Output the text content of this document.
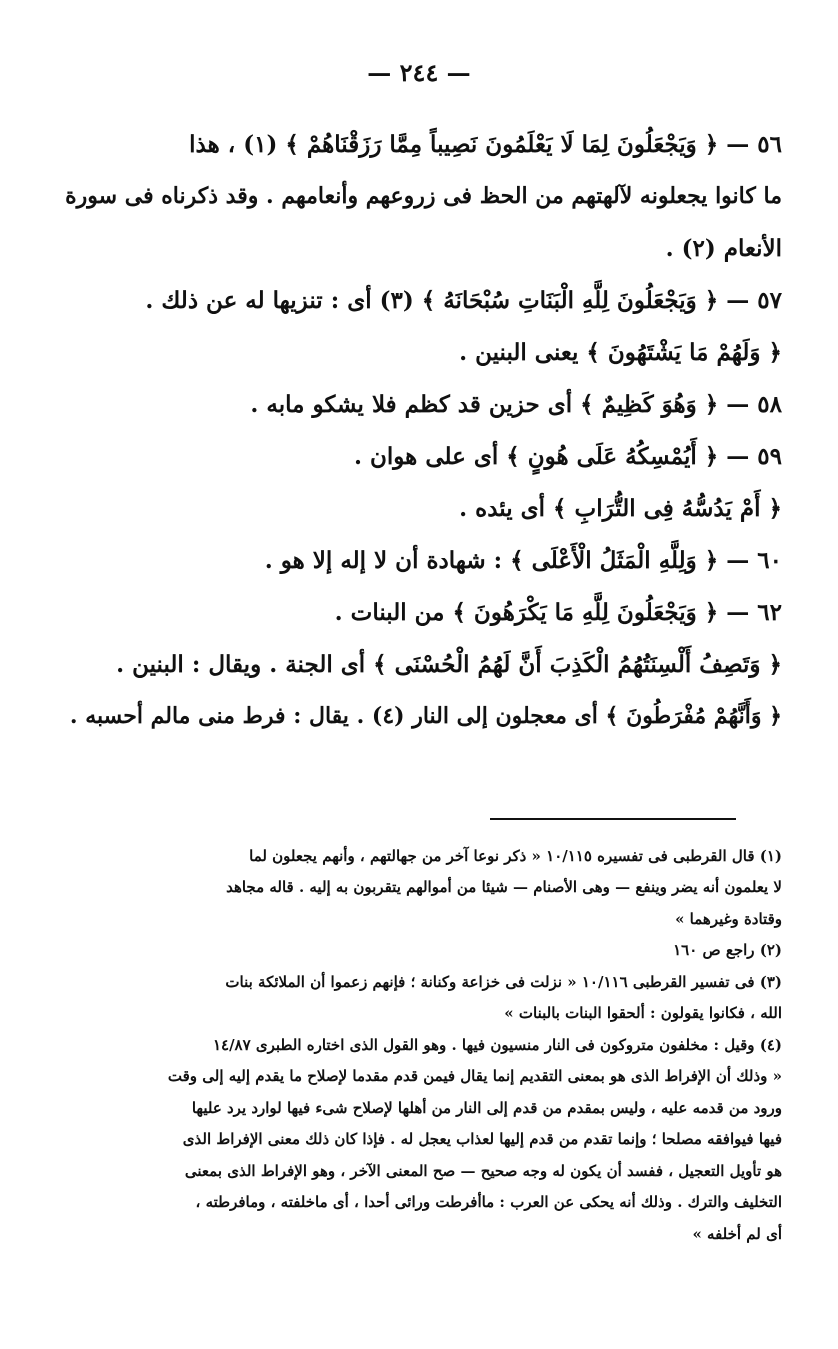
— ٢٤٤ —
٥٦ — ﴿ وَيَجْعَلُونَ لِمَا لَا يَعْلَمُونَ نَصِيباً مِمَّا رَزَقْنَاهُمْ ﴾ (١) ، هذا
ما كانوا يجعلونه لآلهتهم من الحظ فى زروعهم وأنعامهم . وقد ذكرناه فى سورة
الأنعام (٢) .
٥٧ — ﴿ وَيَجْعَلُونَ لِلَّهِ الْبَنَاتِ سُبْحَانَهُ ﴾ (٣) أى : تنزيها له عن ذلك .
﴿ وَلَهُمْ مَا يَشْتَهُونَ ﴾ يعنى البنين .
٥٨ — ﴿ وَهُوَ كَظِيمٌ ﴾ أى حزين قد كظم فلا يشكو مابه .
٥٩ — ﴿ أَيُمْسِكُهُ عَلَى هُونٍ ﴾ أى على هوان .
﴿ أَمْ يَدُسُّهُ فِى التُّرَابِ ﴾ أى يئده .
٦٠ — ﴿ وَلِلَّهِ الْمَثَلُ الْأَعْلَى ﴾ : شهادة أن لا إله إلا هو .
٦٢ — ﴿ وَيَجْعَلُونَ لِلَّهِ مَا يَكْرَهُونَ ﴾ من البنات .
﴿ وَتَصِفُ أَلْسِنَتُهُمُ الْكَذِبَ أَنَّ لَهُمُ الْحُسْنَى ﴾ أى الجنة . ويقال : البنين .
﴿ وَأَنَّهُمْ مُفْرَطُونَ ﴾ أى معجلون إلى النار (٤) . يقال : فرط منى مالم أحسبه .
(١) قال القرطبى فى تفسيره ١٠/١١٥ « ذكر نوعا آخر من جهالتهم ، وأنهم يجعلون لما
لا يعلمون أنه يضر وينفع — وهى الأصنام — شيئا من أموالهم يتقربون به إليه . قاله مجاهد
وقتادة وغيرهما »
(٢) راجع ص ١٦٠
(٣) فى تفسير القرطبى ١٠/١١٦ « نزلت فى خزاعة وكنانة ؛ فإنهم زعموا أن الملائكة بنات
الله ، فكانوا يقولون : ألحقوا البنات بالبنات »
(٤) وقيل : مخلفون متروكون فى النار منسيون فيها . وهو القول الذى اختاره الطبرى ١٤/٨٧
« وذلك أن الإفراط الذى هو بمعنى التقديم إنما يقال فيمن قدم مقدما لإصلاح ما يقدم إليه إلى وقت
ورود من قدمه عليه ، وليس بمقدم من قدم إلى النار من أهلها لإصلاح شىء فيها لوارد يرد عليها
فيها فيوافقه مصلحا ؛ وإنما تقدم من قدم إليها لعذاب يعجل له . فإذا كان ذلك معنى الإفراط الذى
هو تأويل التعجيل ، ففسد أن يكون له وجه صحيح — صح المعنى الآخر ، وهو الإفراط الذى بمعنى
التخليف والترك . وذلك أنه يحكى عن العرب : ماأفرطت ورائى أحدا ، أى ماخلفته ، ومافرطته ،
أى لم أخلفه »
